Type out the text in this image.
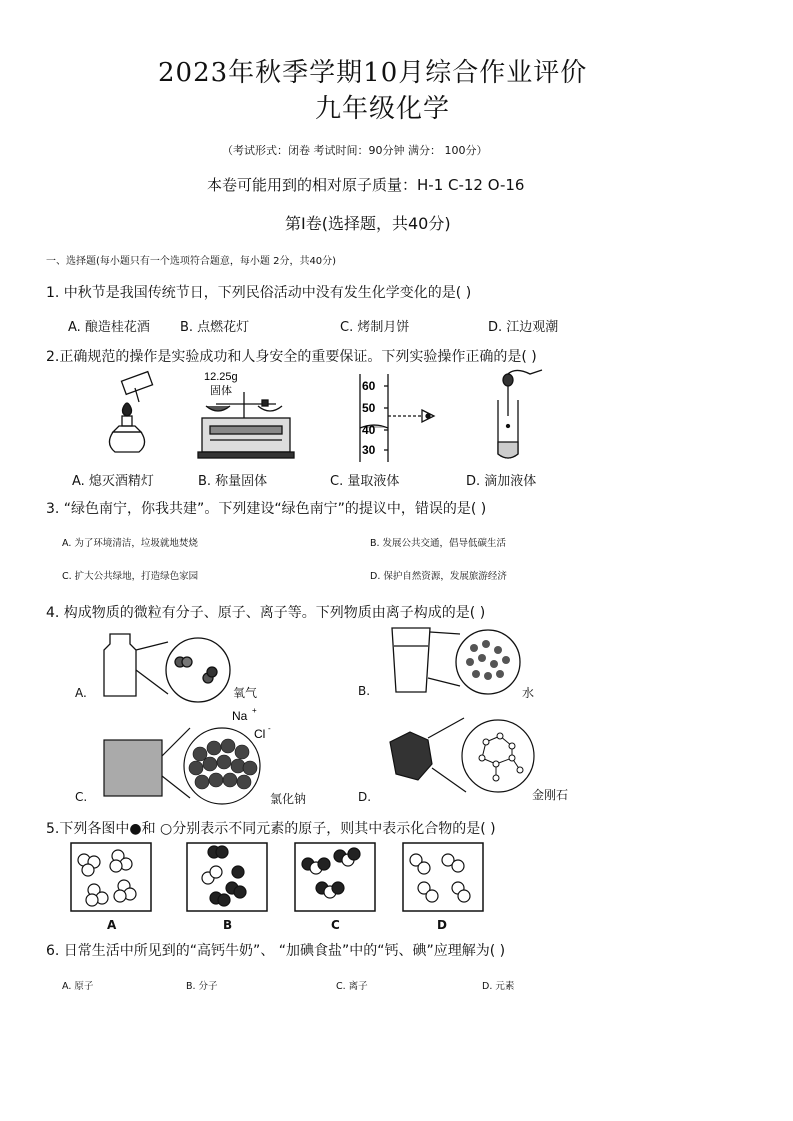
2023年秋季学期10月综合作业评价
九年级化学
（考试形式：闭卷 考试时间：90分钟 满分： 100分）
本卷可能用到的相对原子质量：H-1 C-12 O-16
第Ⅰ卷(选择题，共40分)
一、选择题(每小题只有一个选项符合题意，每小题 2分，共40分)
1. 中秋节是我国传统节日，下列民俗活动中没有发生化学变化的是( )
A. 酿造桂花酒 B. 点燃花灯	C. 烤制月饼	D. 江边观潮
2.正确规范的操作是实验成功和人身安全的重要保证。下列实验操作正确的是( )
12.25g
固体	60
50
40
30
A. 熄灭酒精灯	B. 称量固体	C. 量取液体	D. 滴加液体
3. “绿色南宁，你我共建”。下列建设“绿色南宁”的提议中，错误的是( )
A. 为了环境清洁，垃圾就地焚烧	B. 发展公共交通，倡导低碳生活
C. 扩大公共绿地，打造绿色家园	D. 保护自然资源，发展旅游经济
4. 构成物质的微粒有分子、原子、离子等。下列物质由离子构成的是( )
A.	氧气	B.	水
Na +
Cl -
C.	氯化钠	D.	金刚石
5.下列各图中●和 ○分别表示不同元素的原子，则其中表示化合物的是( )
A	B	C	D
6. 日常生活中所见到的“高钙牛奶”、 “加碘食盐”中的“钙、碘”应理解为( )
A. 原子	B. 分子	C. 离子	D. 元素
